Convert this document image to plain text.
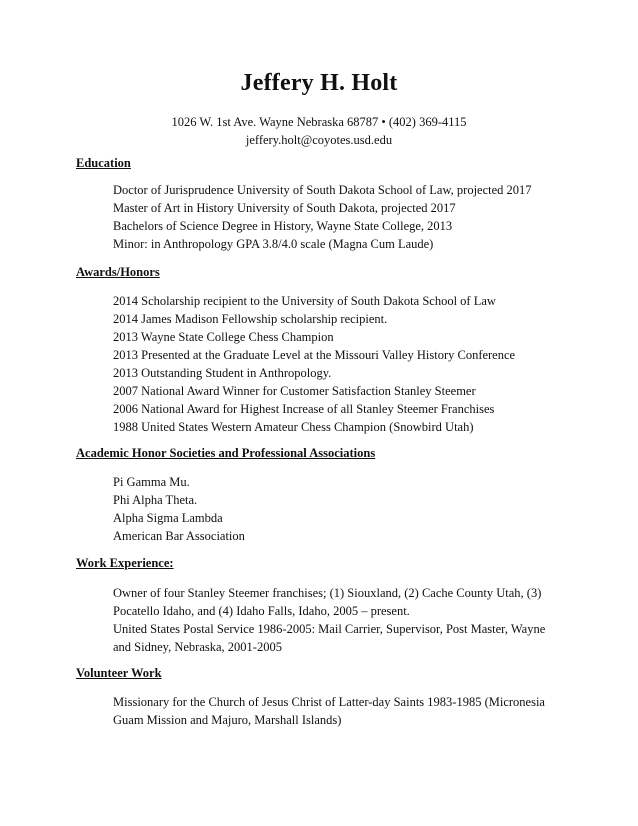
Jeffery H. Holt
1026 W. 1st Ave. Wayne Nebraska 68787 • (402) 369-4115
jeffery.holt@coyotes.usd.edu
Education
Doctor of Jurisprudence University of South Dakota School of Law, projected 2017
Master of Art in History University of South Dakota, projected 2017
Bachelors of Science Degree in History, Wayne State College, 2013
Minor: in Anthropology GPA 3.8/4.0 scale (Magna Cum Laude)
Awards/Honors
2014 Scholarship recipient to the University of South Dakota School of Law
2014 James Madison Fellowship scholarship recipient.
2013 Wayne State College Chess Champion
2013 Presented at the Graduate Level at the Missouri Valley History Conference
2013 Outstanding Student in Anthropology.
2007 National Award Winner for Customer Satisfaction Stanley Steemer
2006 National Award for Highest Increase of all Stanley Steemer Franchises
1988 United States Western Amateur Chess Champion (Snowbird Utah)
Academic Honor Societies and Professional Associations
Pi Gamma Mu.
Phi Alpha Theta.
Alpha Sigma Lambda
American Bar Association
Work Experience:
Owner of four Stanley Steemer franchises; (1) Siouxland, (2) Cache County Utah, (3) Pocatello Idaho, and (4) Idaho Falls, Idaho, 2005 – present.
United States Postal Service 1986-2005: Mail Carrier, Supervisor, Post Master, Wayne and Sidney, Nebraska, 2001-2005
Volunteer Work
Missionary for the Church of Jesus Christ of Latter-day Saints 1983-1985 (Micronesia Guam Mission and Majuro, Marshall Islands)
